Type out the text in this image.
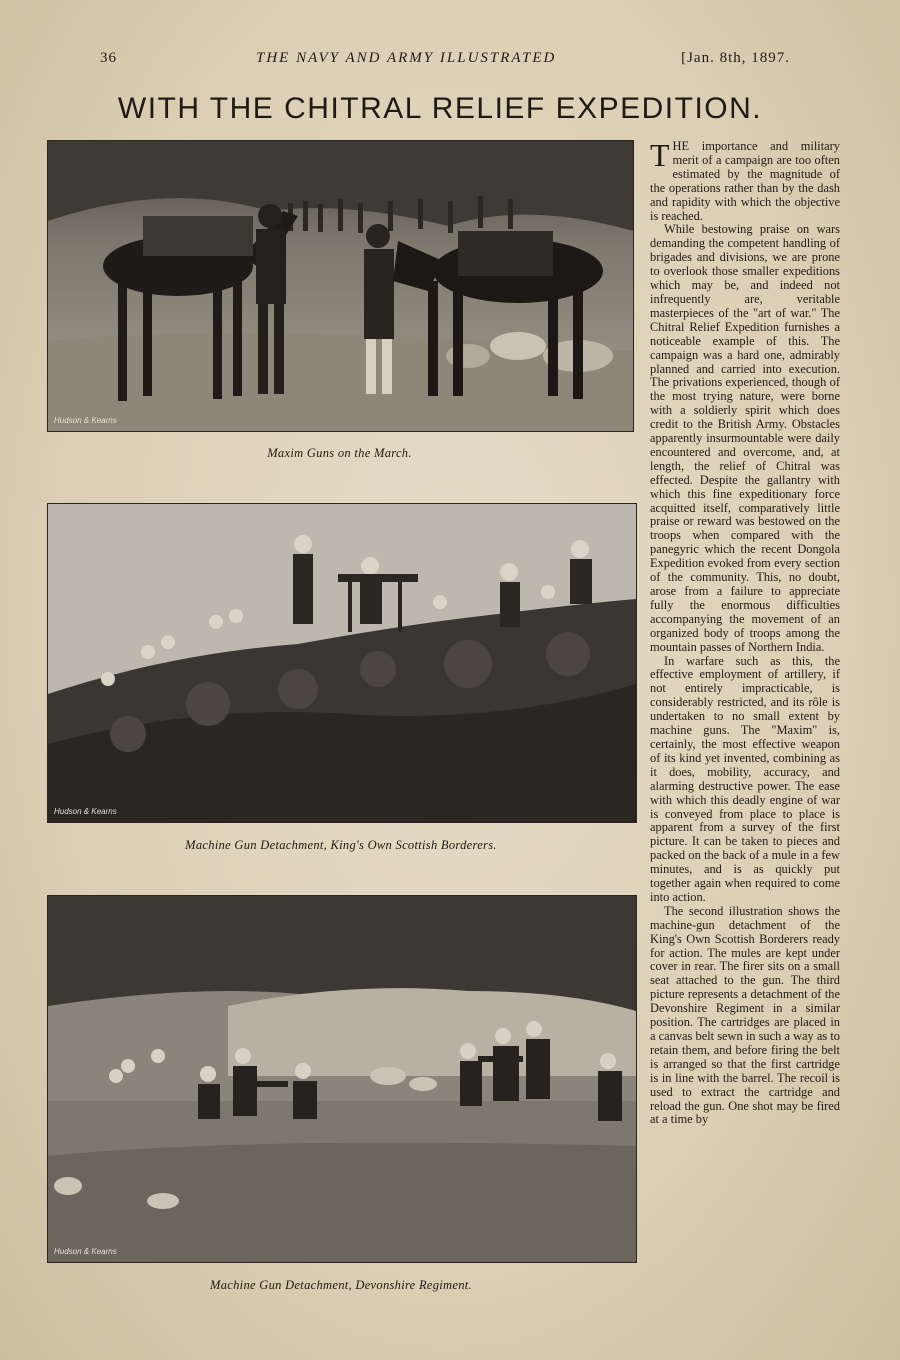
36	THE NAVY AND ARMY ILLUSTRATED	[Jan. 8th, 1897.
WITH THE CHITRAL RELIEF EXPEDITION.
Hudson & Kearns
Maxim Guns on the March.
Hudson & Kearns
Machine Gun Detachment, King's Own Scottish Borderers.
Hudson & Kearns
Machine Gun Detachment, Devonshire Regiment.

THE importance and military merit of a campaign are too often estimated by the magnitude of the operations rather than by the dash and rapidity with which the objective is reached.

While bestowing praise on wars demanding the competent handling of brigades and divisions, we are prone to overlook those smaller expeditions which may be, and indeed not infrequently are, veritable masterpieces of the "art of war." The Chitral Relief Expedition furnishes a noticeable example of this. The campaign was a hard one, admirably planned and carried into execution. The privations experienced, though of the most trying nature, were borne with a soldierly spirit which does credit to the British Army. Obstacles apparently insurmountable were daily encountered and overcome, and, at length, the relief of Chitral was effected. Despite the gallantry with which this fine expeditionary force acquitted itself, comparatively little praise or reward was bestowed on the troops when compared with the panegyric which the recent Dongola Expedition evoked from every section of the community. This, no doubt, arose from a failure to appreciate fully the enormous difficulties accompanying the movement of an organized body of troops among the mountain passes of Northern India.

In warfare such as this, the effective employment of artillery, if not entirely impracticable, is considerably restricted, and its rôle is undertaken to no small extent by machine guns. The "Maxim" is, certainly, the most effective weapon of its kind yet invented, combining as it does, mobility, accuracy, and alarming destructive power. The ease with which this deadly engine of war is conveyed from place to place is apparent from a survey of the first picture. It can be taken to pieces and packed on the back of a mule in a few minutes, and is as quickly put together again when required to come into action.

The second illustration shows the machine-gun detachment of the King's Own Scottish Borderers ready for action. The mules are kept under cover in rear. The firer sits on a small seat attached to the gun. The third picture represents a detachment of the Devonshire Regiment in a similar position. The cartridges are placed in a canvas belt sewn in such a way as to retain them, and before firing the belt is arranged so that the first cartridge is in line with the barrel. The recoil is used to extract the cartridge and reload the gun. One shot may be fired at a time by
